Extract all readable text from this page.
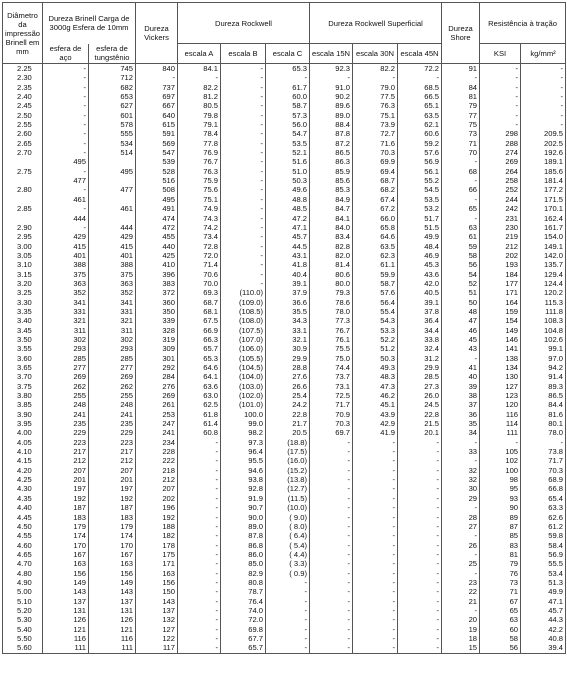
Diâmetro da impressão Brinell em mm	Dureza Brinell Carga de 3000g Esfera de 10mm		Dureza Vickers	Dureza Rockwell			Dureza Rockwell Superficial			Dureza Shore	Resistência à tração	
	esfera de aço	esfera de tungstênio		escala A	escala B	escala C	escala 15N	escala 30N	escala 45N		KSI	kg/mm²
2.25	-	745	840	84.1	-	65.3	92.3	82.2	72.2	91	-	-
2.30	-	712	-	-	-	-	-	-	-	-	-	-
2.35	-	682	737	82.2	-	61.7	91.0	79.0	68.5	84	-	-
2.40	-	653	697	81.2	-	60.0	90.2	77.5	66.5	81	-	-
2.45	-	627	667	80.5	-	58.7	89.6	76.3	65.1	79	-	-
2.50	-	601	640	79.8	-	57.3	89.0	75.1	63.5	77	-	-
2.55	-	578	615	79.1	-	56.0	88.4	73.9	62.1	75	-	-
2.60	-	555	591	78.4	-	54.7	87.8	72.7	60.6	73	298	209.5
2.65	-	534	569	77.8	-	53.5	87.2	71.6	59.2	71	288	202.5
2.70	-	514	547	76.9	-	52.1	86.5	70.3	57.6	70	274	192.6
	495		539	76.7	-	51.6	86.3	69.9	56.9	-	269	189.1
2.75	-	495	528	76.3	-	51.0	85.9	69.4	56.1	68	264	185.6
	477		516	75.9	-	50.3	85.6	68.7	55.2	-	258	181.4
2.80	-	477	508	75.6	-	49.6	85.3	68.2	54.5	66	252	177.2
	461		495	75.1	-	48.8	84.9	67.4	53.5	-	244	171.5
2.85	-	461	491	74.9	-	48.5	84.7	67.2	53.2	65	242	170.1
	444		474	74.3	-	47.2	84.1	66.0	51.7	-	231	162.4
2.90	-	444	472	74.2	-	47.1	84.0	65.8	51.5	63	230	161.7
2.95	429	429	455	73.4	-	45.7	83.4	64.6	49.9	61	219	154.0
3.00	415	415	440	72.8	-	44.5	82.8	63.5	48.4	59	212	149.1
3.05	401	401	425	72.0	-	43.1	82.0	62.3	46.9	58	202	142.0
3.10	388	388	410	71.4	-	41.8	81.4	61.1	45.3	56	193	135.7
3.15	375	375	396	70.6	-	40.4	80.6	59.9	43.6	54	184	129.4
3.20	363	363	383	70.0	-	39.1	80.0	58.7	42.0	52	177	124.4
3.25	352	352	372	69.3	(110.0)	37.9	79.3	57.6	40.5	51	171	120.2
3.30	341	341	360	68.7	(109.0)	36.6	78.6	56.4	39.1	50	164	115.3
3.35	331	331	350	68.1	(108.5)	35.5	78.0	55.4	37.8	48	159	111.8
3.40	321	321	339	67.5	(108.0)	34.3	77.3	54.3	36.4	47	154	108.3
3.45	311	311	328	66.9	(107.5)	33.1	76.7	53.3	34.4	46	149	104.8
3.50	302	302	319	66.3	(107.0)	32.1	76.1	52.2	33.8	45	146	102.6
3.55	293	293	309	65.7	(106.0)	30.9	75.5	51.2	32.4	43	141	99.1
3.60	285	285	301	65.3	(105.5)	29.9	75.0	50.3	31.2	-	138	97.0
3.65	277	277	292	64.6	(104.5)	28.8	74.4	49.3	29.9	41	134	94.2
3.70	269	269	284	64.1	(104.0)	27.6	73.7	48.3	28.5	40	130	91.4
3.75	262	262	276	63.6	(103.0)	26.6	73.1	47.3	27.3	39	127	89.3
3.80	255	255	269	63.0	(102.0)	25.4	72.5	46.2	26.0	38	123	86.5
3.85	248	248	261	62.5	(101.0)	24.2	71.7	45.1	24.5	37	120	84.4
3.90	241	241	253	61.8	100.0	22.8	70.9	43.9	22.8	36	116	81.6
3.95	235	235	247	61.4	99.0	21.7	70.3	42.9	21.5	35	114	80.1
4.00	229	229	241	60.8	98.2	20.5	69.7	41.9	20.1	34	111	78.0
4.05	223	223	234	-	97.3	(18.8)	-	-	-	-	-	-
4.10	217	217	228	-	96.4	(17.5)	-	-	-	33	105	73.8
4.15	212	212	222	-	95.5	(16.0)	-	-	-	-	102	71.7
4.20	207	207	218	-	94.6	(15.2)	-	-	-	32	100	70.3
4.25	201	201	212	-	93.8	(13.8)	-	-	-	32	98	68.9
4.30	197	197	207	-	92.8	(12.7)	-	-	-	30	95	66.8
4.35	192	192	202	-	91.9	(11.5)	-	-	-	29	93	65.4
4.40	187	187	196	-	90.7	(10.0)	-	-	-	-	90	63.3
4.45	183	183	192	-	90.0	( 9.0)	-	-	-	28	89	62.6
4.50	179	179	188	-	89.0	( 8.0)	-	-	-	27	87	61.2
4.55	174	174	182	-	87.8	( 6.4)	-	-	-	-	85	59.8
4.60	170	170	178	-	86.8	( 5.4)	-	-	-	26	83	58.4
4.65	167	167	175	-	86.0	( 4.4)	-	-	-	-	81	56.9
4.70	163	163	171	-	85.0	( 3.3)	-	-	-	25	79	55.5
4.80	156	156	163	-	82.9	( 0.9)	-	-	-	-	76	53.4
4.90	149	149	156	-	80.8	-	-	-	-	23	73	51.3
5.00	143	143	150	-	78.7	-	-	-	-	22	71	49.9
5.10	137	137	143	-	76.4	-	-	-	-	21	67	47.1
5.20	131	131	137	-	74.0	-	-	-	-	-	65	45.7
5.30	126	126	132	-	72.0	-	-	-	-	20	63	44.3
5.40	121	121	127	-	69.8	-	-	-	-	19	60	42.2
5.50	116	116	122	-	67.7	-	-	-	-	18	58	40.8
5.60	111	111	117	-	65.7	-	-	-	-	15	56	39.4
